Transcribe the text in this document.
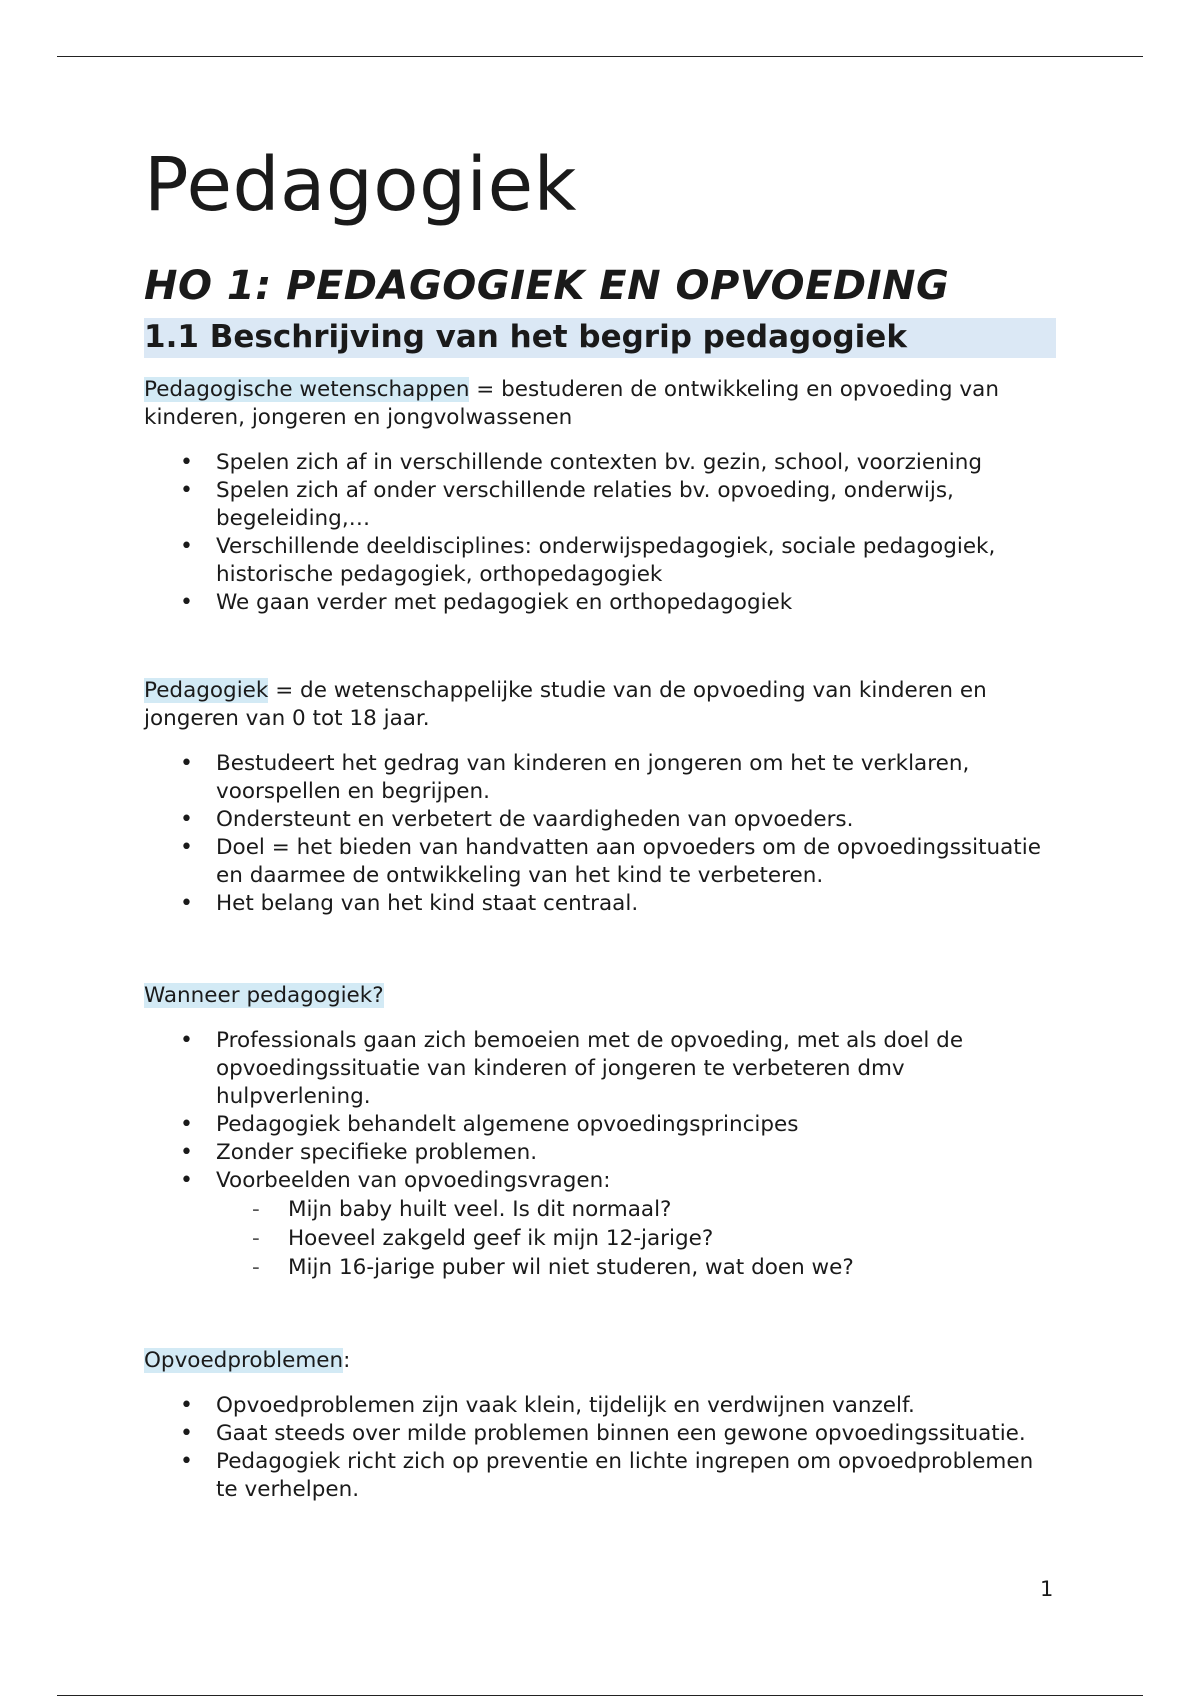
Pedagogiek
HO 1: PEDAGOGIEK EN OPVOEDING
1.1 Beschrijving van het begrip pedagogiek

Pedagogische wetenschappen = bestuderen de ontwikkeling en opvoeding van kinderen, jongeren en jongvolwassenen

• Spelen zich af in verschillende contexten bv. gezin, school, voorziening
• Spelen zich af onder verschillende relaties bv. opvoeding, onderwijs, begeleiding,…
• Verschillende deeldisciplines: onderwijspedagogiek, sociale pedagogiek, historische pedagogiek, orthopedagogiek
• We gaan verder met pedagogiek en orthopedagogiek

Pedagogiek = de wetenschappelijke studie van de opvoeding van kinderen en jongeren van 0 tot 18 jaar.

• Bestudeert het gedrag van kinderen en jongeren om het te verklaren, voorspellen en begrijpen.
• Ondersteunt en verbetert de vaardigheden van opvoeders.
• Doel = het bieden van handvatten aan opvoeders om de opvoedingssituatie en daarmee de ontwikkeling van het kind te verbeteren.
• Het belang van het kind staat centraal.

Wanneer pedagogiek?

• Professionals gaan zich bemoeien met de opvoeding, met als doel de opvoedingssituatie van kinderen of jongeren te verbeteren dmv hulpverlening.
• Pedagogiek behandelt algemene opvoedingsprincipes
• Zonder specifieke problemen.
• Voorbeelden van opvoedingsvragen:
- Mijn baby huilt veel. Is dit normaal?
- Hoeveel zakgeld geef ik mijn 12-jarige?
- Mijn 16-jarige puber wil niet studeren, wat doen we?

Opvoedproblemen:

• Opvoedproblemen zijn vaak klein, tijdelijk en verdwijnen vanzelf.
• Gaat steeds over milde problemen binnen een gewone opvoedingssituatie.
• Pedagogiek richt zich op preventie en lichte ingrepen om opvoedproblemen te verhelpen.
1
